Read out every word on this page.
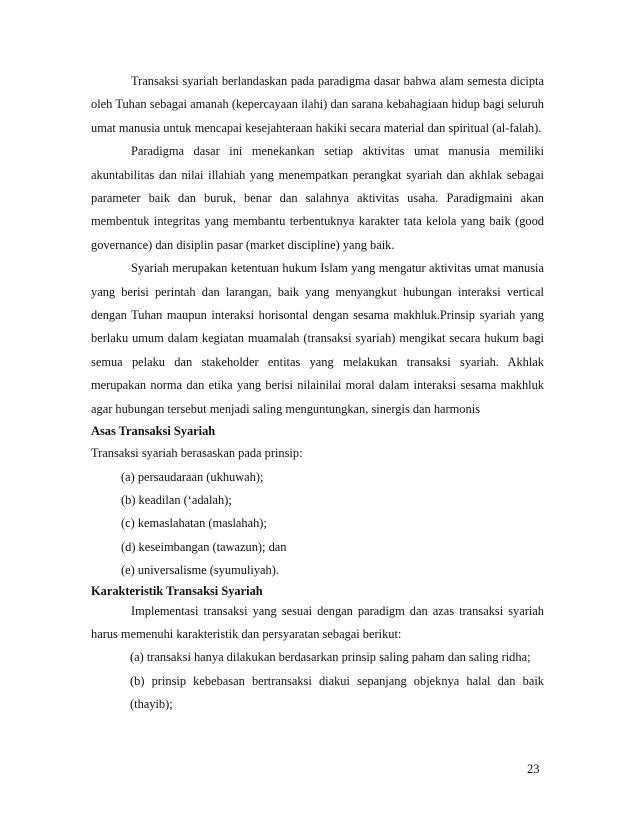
Transaksi syariah berlandaskan pada paradigma dasar bahwa alam semesta dicipta oleh Tuhan sebagai amanah (kepercayaan ilahi) dan sarana kebahagiaan hidup bagi seluruh umat manusia untuk mencapai kesejahteraan hakiki secara material dan spiritual (al-falah).

Paradigma dasar ini menekankan setiap aktivitas umat manusia memiliki akuntabilitas dan nilai illahiah yang menempatkan perangkat syariah dan akhlak sebagai parameter baik dan buruk, benar dan salahnya aktivitas usaha. Paradigmaini akan membentuk integritas yang membantu terbentuknya karakter tata kelola yang baik (good governance) dan disiplin pasar (market discipline) yang baik.

Syariah merupakan ketentuan hukum Islam yang mengatur aktivitas umat manusia yang berisi perintah dan larangan, baik yang menyangkut hubungan interaksi vertical dengan Tuhan maupun interaksi horisontal dengan sesama makhluk.Prinsip syariah yang berlaku umum dalam kegiatan muamalah (transaksi syariah) mengikat secara hukum bagi semua pelaku dan stakeholder entitas yang melakukan transaksi syariah. Akhlak merupakan norma dan etika yang berisi nilainilai moral dalam interaksi sesama makhluk agar hubungan tersebut menjadi saling menguntungkan, sinergis dan harmonis

Asas Transaksi Syariah

Transaksi syariah berasaskan pada prinsip:

(a) persaudaraan (ukhuwah);
(b) keadilan (‘adalah);
(c) kemaslahatan (maslahah);
(d) keseimbangan (tawazun); dan
(e) universalisme (syumuliyah).
Karakteristik Transaksi Syariah

Implementasi transaksi yang sesuai dengan paradigm dan azas transaksi syariah harus memenuhi karakteristik dan persyaratan sebagai berikut:

(a) transaksi hanya dilakukan berdasarkan prinsip saling paham dan saling ridha;
(b) prinsip kebebasan bertransaksi diakui sepanjang objeknya halal dan baik (thayib);
23
